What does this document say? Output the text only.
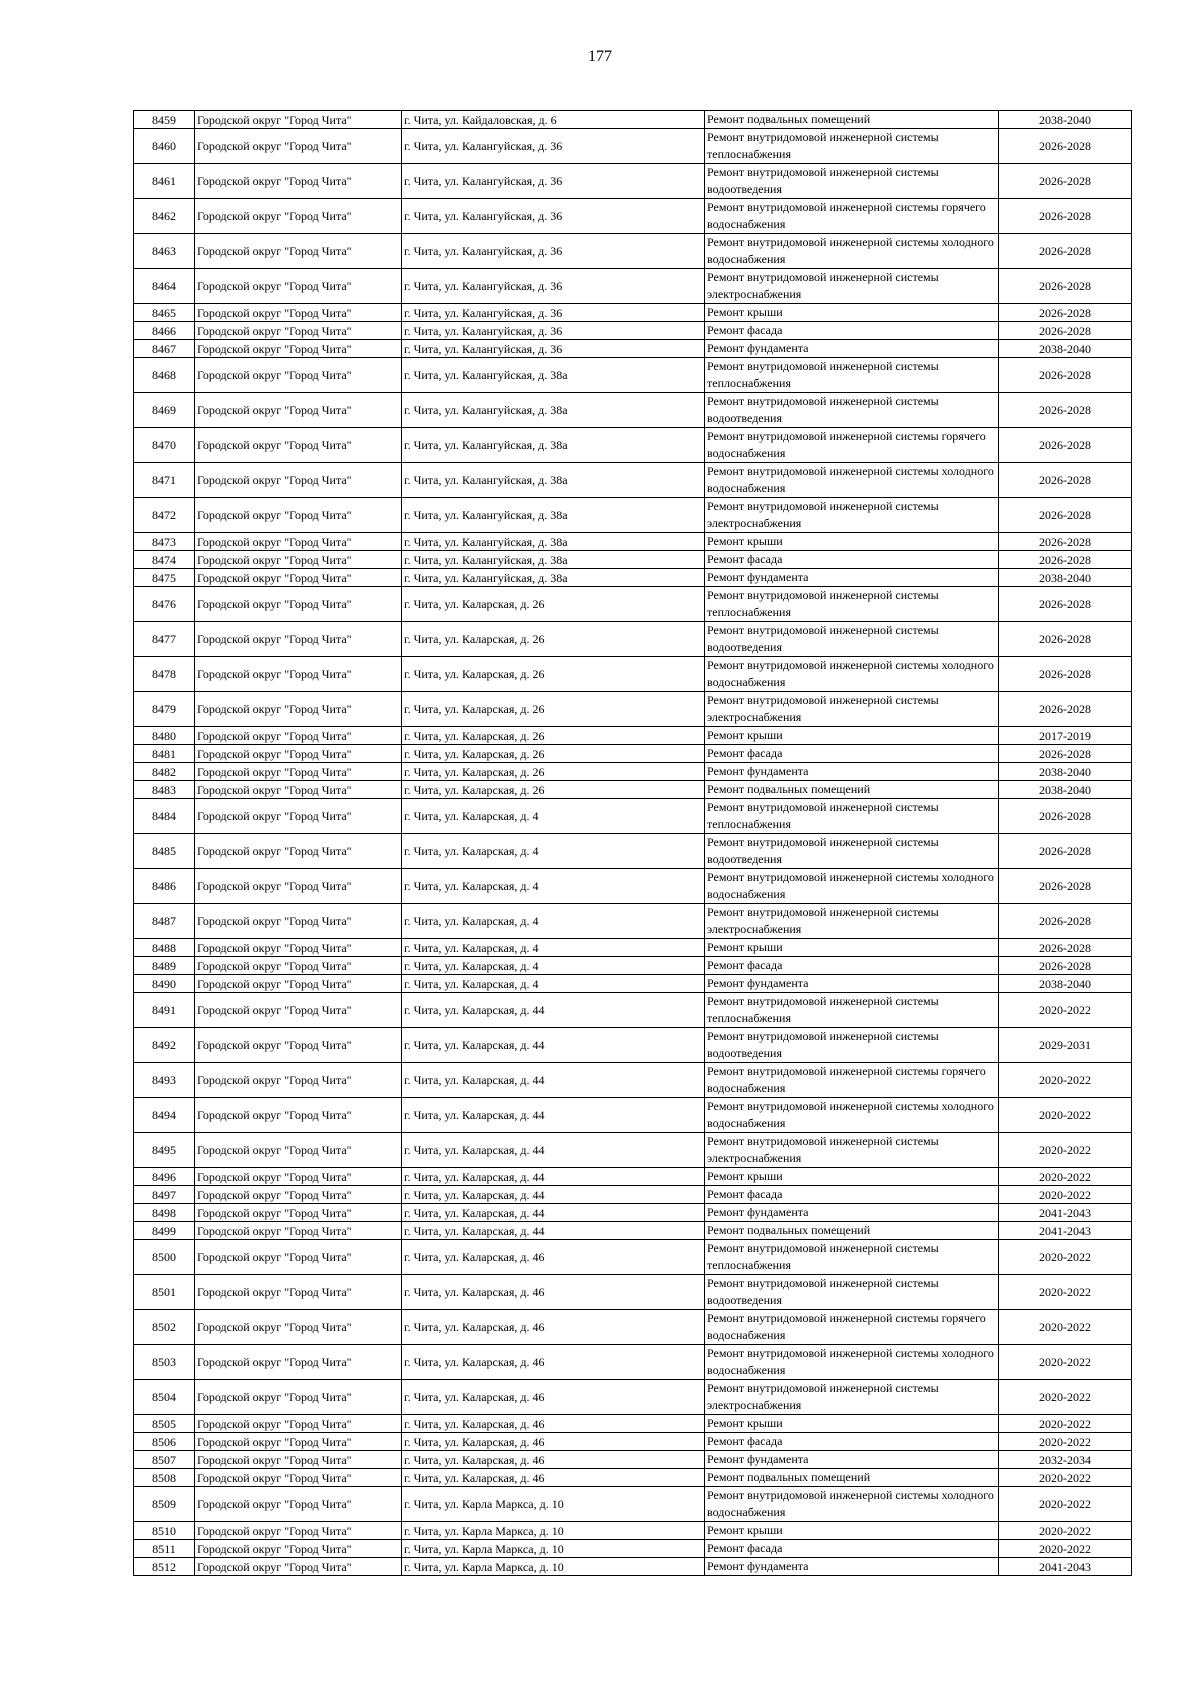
177
8459	Городской округ "Город Чита"	г. Чита, ул. Кайдаловская, д. 6	Ремонт подвальных помещений	2038-2040
8460	Городской округ "Город Чита"	г. Чита, ул. Калангуйская, д. 36	Ремонт внутридомовой инженерной системы теплоснабжения	2026-2028
8461	Городской округ "Город Чита"	г. Чита, ул. Калангуйская, д. 36	Ремонт внутридомовой инженерной системы водоотведения	2026-2028
8462	Городской округ "Город Чита"	г. Чита, ул. Калангуйская, д. 36	Ремонт внутридомовой инженерной системы горячего водоснабжения	2026-2028
8463	Городской округ "Город Чита"	г. Чита, ул. Калангуйская, д. 36	Ремонт внутридомовой инженерной системы холодного водоснабжения	2026-2028
8464	Городской округ "Город Чита"	г. Чита, ул. Калангуйская, д. 36	Ремонт внутридомовой инженерной системы электроснабжения	2026-2028
8465	Городской округ "Город Чита"	г. Чита, ул. Калангуйская, д. 36	Ремонт крыши	2026-2028
8466	Городской округ "Город Чита"	г. Чита, ул. Калангуйская, д. 36	Ремонт фасада	2026-2028
8467	Городской округ "Город Чита"	г. Чита, ул. Калангуйская, д. 36	Ремонт фундамента	2038-2040
8468	Городской округ "Город Чита"	г. Чита, ул. Калангуйская, д. 38а	Ремонт внутридомовой инженерной системы теплоснабжения	2026-2028
8469	Городской округ "Город Чита"	г. Чита, ул. Калангуйская, д. 38а	Ремонт внутридомовой инженерной системы водоотведения	2026-2028
8470	Городской округ "Город Чита"	г. Чита, ул. Калангуйская, д. 38а	Ремонт внутридомовой инженерной системы горячего водоснабжения	2026-2028
8471	Городской округ "Город Чита"	г. Чита, ул. Калангуйская, д. 38а	Ремонт внутридомовой инженерной системы холодного водоснабжения	2026-2028
8472	Городской округ "Город Чита"	г. Чита, ул. Калангуйская, д. 38а	Ремонт внутридомовой инженерной системы электроснабжения	2026-2028
8473	Городской округ "Город Чита"	г. Чита, ул. Калангуйская, д. 38а	Ремонт крыши	2026-2028
8474	Городской округ "Город Чита"	г. Чита, ул. Калангуйская, д. 38а	Ремонт фасада	2026-2028
8475	Городской округ "Город Чита"	г. Чита, ул. Калангуйская, д. 38а	Ремонт фундамента	2038-2040
8476	Городской округ "Город Чита"	г. Чита, ул. Каларская, д. 26	Ремонт внутридомовой инженерной системы теплоснабжения	2026-2028
8477	Городской округ "Город Чита"	г. Чита, ул. Каларская, д. 26	Ремонт внутридомовой инженерной системы водоотведения	2026-2028
8478	Городской округ "Город Чита"	г. Чита, ул. Каларская, д. 26	Ремонт внутридомовой инженерной системы холодного водоснабжения	2026-2028
8479	Городской округ "Город Чита"	г. Чита, ул. Каларская, д. 26	Ремонт внутридомовой инженерной системы электроснабжения	2026-2028
8480	Городской округ "Город Чита"	г. Чита, ул. Каларская, д. 26	Ремонт крыши	2017-2019
8481	Городской округ "Город Чита"	г. Чита, ул. Каларская, д. 26	Ремонт фасада	2026-2028
8482	Городской округ "Город Чита"	г. Чита, ул. Каларская, д. 26	Ремонт фундамента	2038-2040
8483	Городской округ "Город Чита"	г. Чита, ул. Каларская, д. 26	Ремонт подвальных помещений	2038-2040
8484	Городской округ "Город Чита"	г. Чита, ул. Каларская, д. 4	Ремонт внутридомовой инженерной системы теплоснабжения	2026-2028
8485	Городской округ "Город Чита"	г. Чита, ул. Каларская, д. 4	Ремонт внутридомовой инженерной системы водоотведения	2026-2028
8486	Городской округ "Город Чита"	г. Чита, ул. Каларская, д. 4	Ремонт внутридомовой инженерной системы холодного водоснабжения	2026-2028
8487	Городской округ "Город Чита"	г. Чита, ул. Каларская, д. 4	Ремонт внутридомовой инженерной системы электроснабжения	2026-2028
8488	Городской округ "Город Чита"	г. Чита, ул. Каларская, д. 4	Ремонт крыши	2026-2028
8489	Городской округ "Город Чита"	г. Чита, ул. Каларская, д. 4	Ремонт фасада	2026-2028
8490	Городской округ "Город Чита"	г. Чита, ул. Каларская, д. 4	Ремонт фундамента	2038-2040
8491	Городской округ "Город Чита"	г. Чита, ул. Каларская, д. 44	Ремонт внутридомовой инженерной системы теплоснабжения	2020-2022
8492	Городской округ "Город Чита"	г. Чита, ул. Каларская, д. 44	Ремонт внутридомовой инженерной системы водоотведения	2029-2031
8493	Городской округ "Город Чита"	г. Чита, ул. Каларская, д. 44	Ремонт внутридомовой инженерной системы горячего водоснабжения	2020-2022
8494	Городской округ "Город Чита"	г. Чита, ул. Каларская, д. 44	Ремонт внутридомовой инженерной системы холодного водоснабжения	2020-2022
8495	Городской округ "Город Чита"	г. Чита, ул. Каларская, д. 44	Ремонт внутридомовой инженерной системы электроснабжения	2020-2022
8496	Городской округ "Город Чита"	г. Чита, ул. Каларская, д. 44	Ремонт крыши	2020-2022
8497	Городской округ "Город Чита"	г. Чита, ул. Каларская, д. 44	Ремонт фасада	2020-2022
8498	Городской округ "Город Чита"	г. Чита, ул. Каларская, д. 44	Ремонт фундамента	2041-2043
8499	Городской округ "Город Чита"	г. Чита, ул. Каларская, д. 44	Ремонт подвальных помещений	2041-2043
8500	Городской округ "Город Чита"	г. Чита, ул. Каларская, д. 46	Ремонт внутридомовой инженерной системы теплоснабжения	2020-2022
8501	Городской округ "Город Чита"	г. Чита, ул. Каларская, д. 46	Ремонт внутридомовой инженерной системы водоотведения	2020-2022
8502	Городской округ "Город Чита"	г. Чита, ул. Каларская, д. 46	Ремонт внутридомовой инженерной системы горячего водоснабжения	2020-2022
8503	Городской округ "Город Чита"	г. Чита, ул. Каларская, д. 46	Ремонт внутридомовой инженерной системы холодного водоснабжения	2020-2022
8504	Городской округ "Город Чита"	г. Чита, ул. Каларская, д. 46	Ремонт внутридомовой инженерной системы электроснабжения	2020-2022
8505	Городской округ "Город Чита"	г. Чита, ул. Каларская, д. 46	Ремонт крыши	2020-2022
8506	Городской округ "Город Чита"	г. Чита, ул. Каларская, д. 46	Ремонт фасада	2020-2022
8507	Городской округ "Город Чита"	г. Чита, ул. Каларская, д. 46	Ремонт фундамента	2032-2034
8508	Городской округ "Город Чита"	г. Чита, ул. Каларская, д. 46	Ремонт подвальных помещений	2020-2022
8509	Городской округ "Город Чита"	г. Чита, ул. Карла Маркса, д. 10	Ремонт внутридомовой инженерной системы холодного водоснабжения	2020-2022
8510	Городской округ "Город Чита"	г. Чита, ул. Карла Маркса, д. 10	Ремонт крыши	2020-2022
8511	Городской округ "Город Чита"	г. Чита, ул. Карла Маркса, д. 10	Ремонт фасада	2020-2022
8512	Городской округ "Город Чита"	г. Чита, ул. Карла Маркса, д. 10	Ремонт фундамента	2041-2043
